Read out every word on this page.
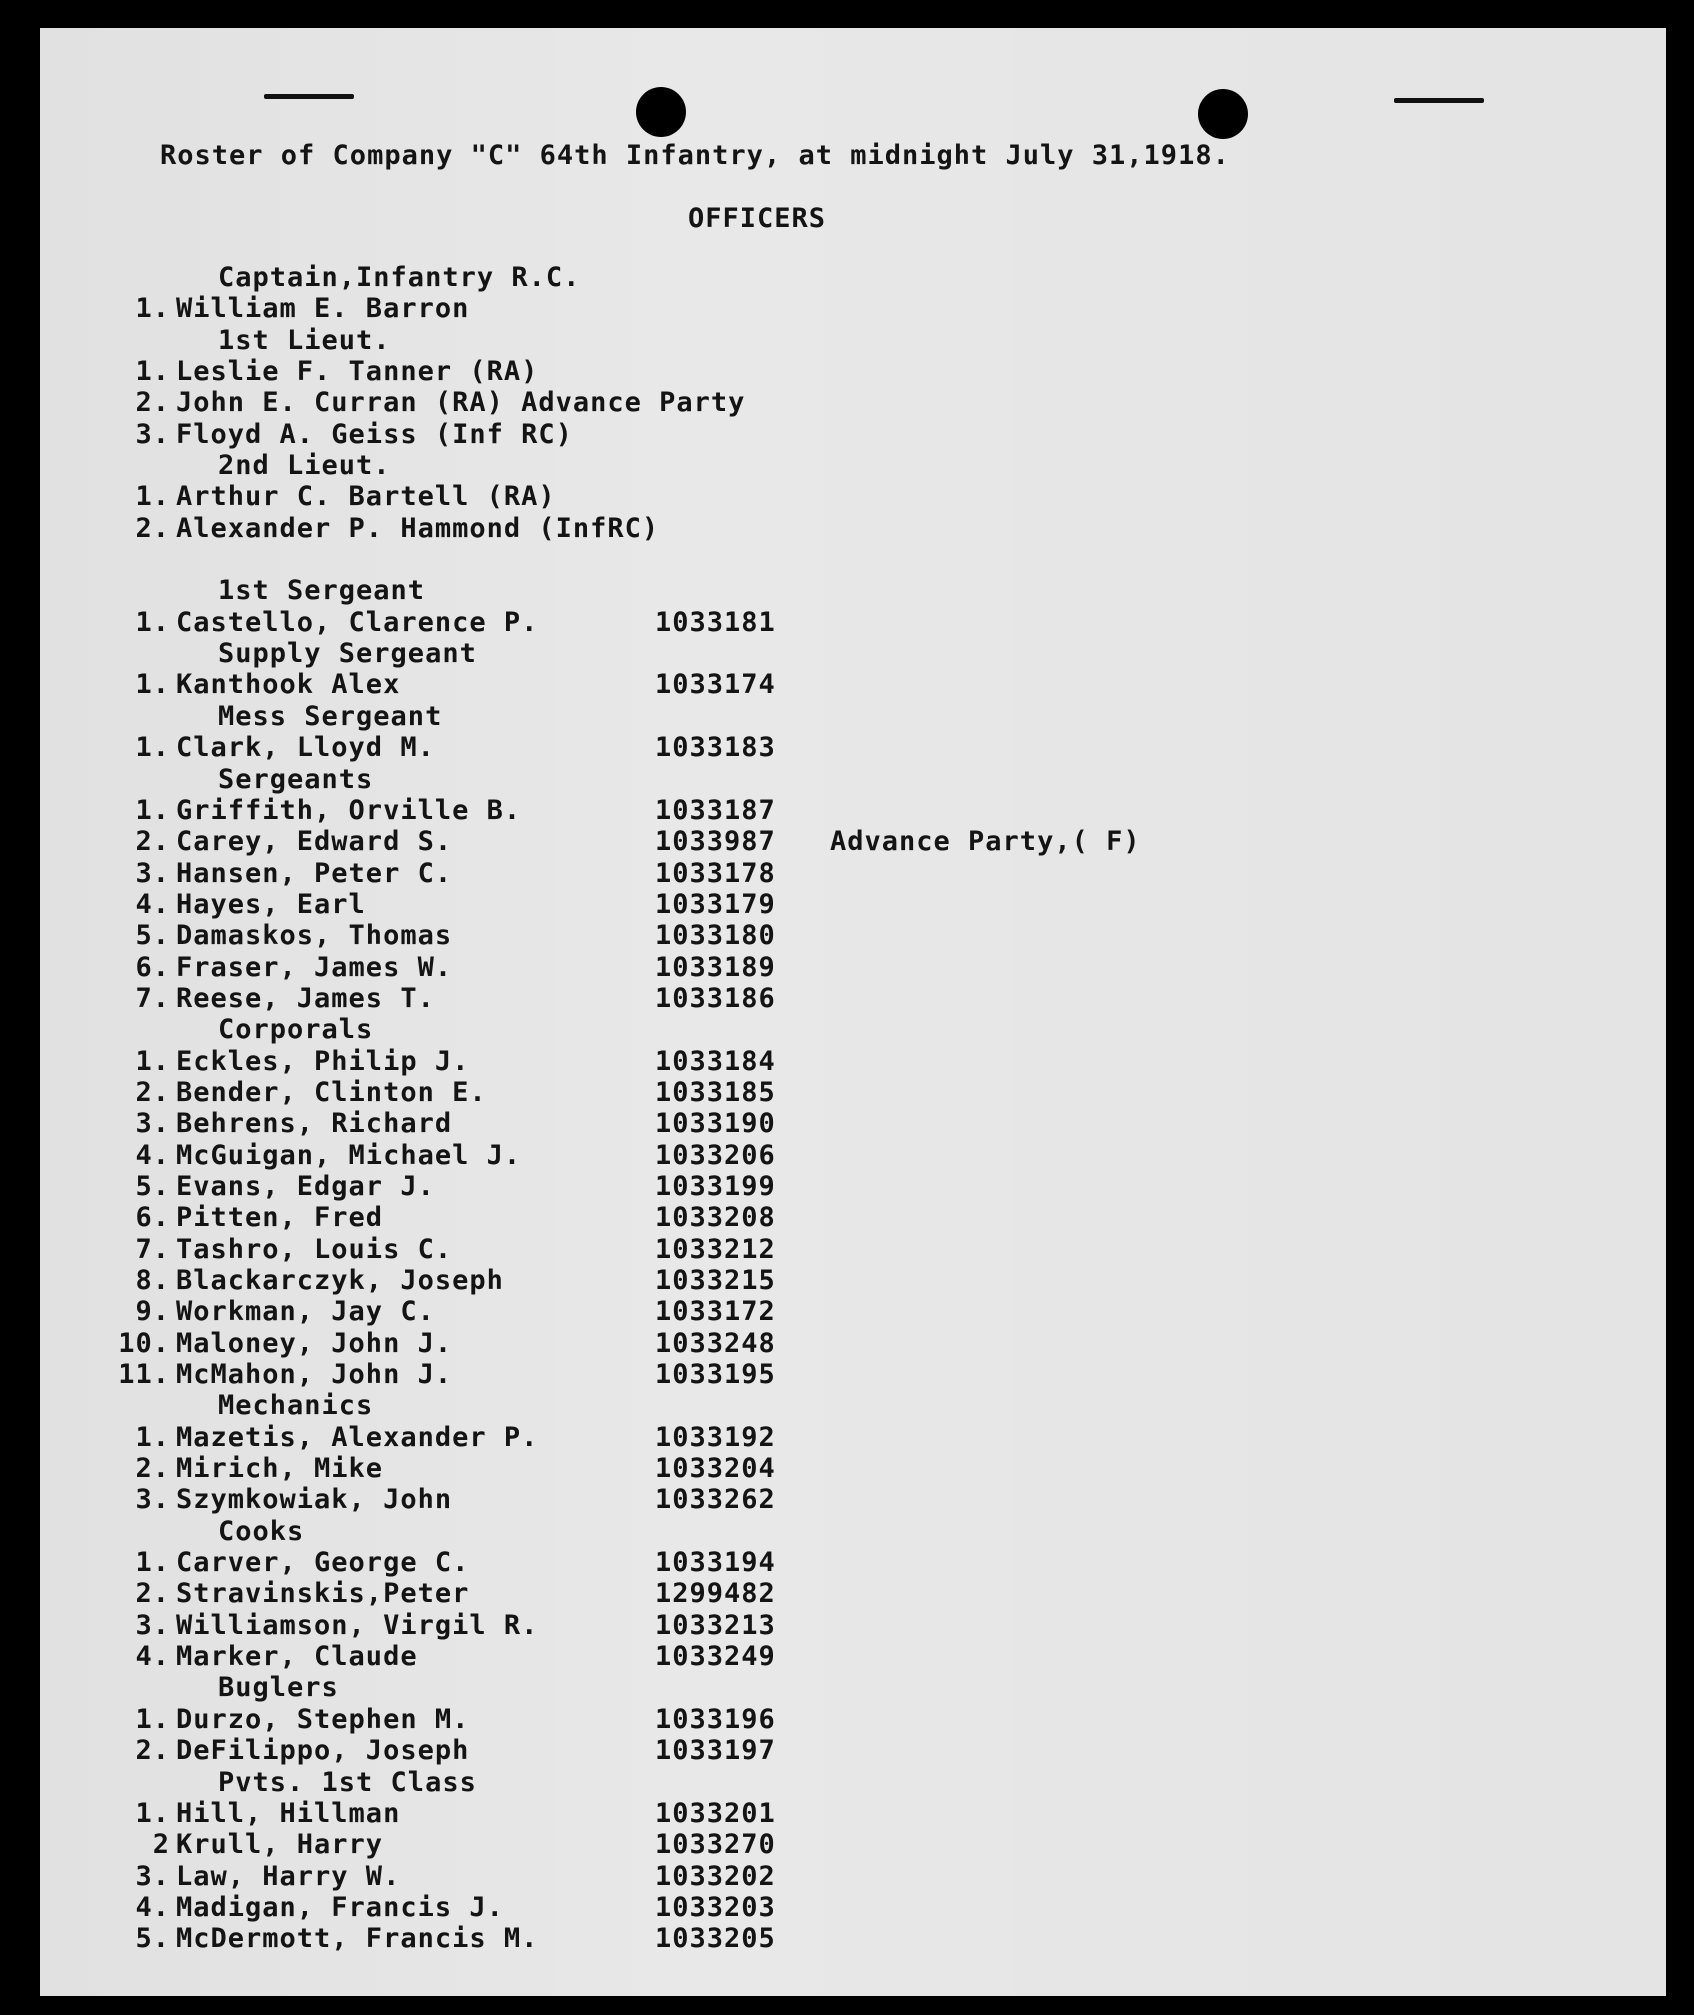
Roster of Company "C" 64th Infantry, at midnight July 31,1918.
OFFICERS
Captain,Infantry R.C.
1. William E. Barron
1st Lieut.
1. Leslie F. Tanner (RA)
2. John E. Curran (RA) Advance Party
3. Floyd A. Geiss (Inf RC)
2nd Lieut.
1. Arthur C. Bartell (RA)
2. Alexander P. Hammond (InfRC)
1st Sergeant
1. Castello, Clarence P.	1033181
Supply Sergeant
1. Kanthook Alex	1033174
Mess Sergeant
1. Clark, Lloyd M.	1033183
Sergeants
1. Griffith, Orville B.	1033187
2. Carey, Edward S.	1033987 Advance Party,( F)
3. Hansen, Peter C.	1033178
4. Hayes, Earl	1033179
5. Damaskos, Thomas	1033180
6. Fraser, James W.	1033189
7. Reese, James T.	1033186
Corporals
1. Eckles, Philip J.	1033184
2. Bender, Clinton E.	1033185
3. Behrens, Richard	1033190
4. McGuigan, Michael J.	1033206
5. Evans, Edgar J.	1033199
6. Pitten, Fred	1033208
7. Tashro, Louis C.	1033212
8. Blackarczyk, Joseph	1033215
9. Workman, Jay C.	1033172
10. Maloney, John J.	1033248
11. McMahon, John J.	1033195
Mechanics
1. Mazetis, Alexander P.	1033192
2. Mirich, Mike	1033204
3. Szymkowiak, John	1033262
Cooks
1. Carver, George C.	1033194
2. Stravinskis,Peter	1299482
3. Williamson, Virgil R.	1033213
4. Marker, Claude	1033249
Buglers
1. Durzo, Stephen M.	1033196
2. DeFilippo, Joseph	1033197
Pvts. 1st Class
1. Hill, Hillman	1033201
2 Krull, Harry	1033270
3. Law, Harry W.	1033202
4. Madigan, Francis J.	1033203
5. McDermott, Francis M.	1033205
